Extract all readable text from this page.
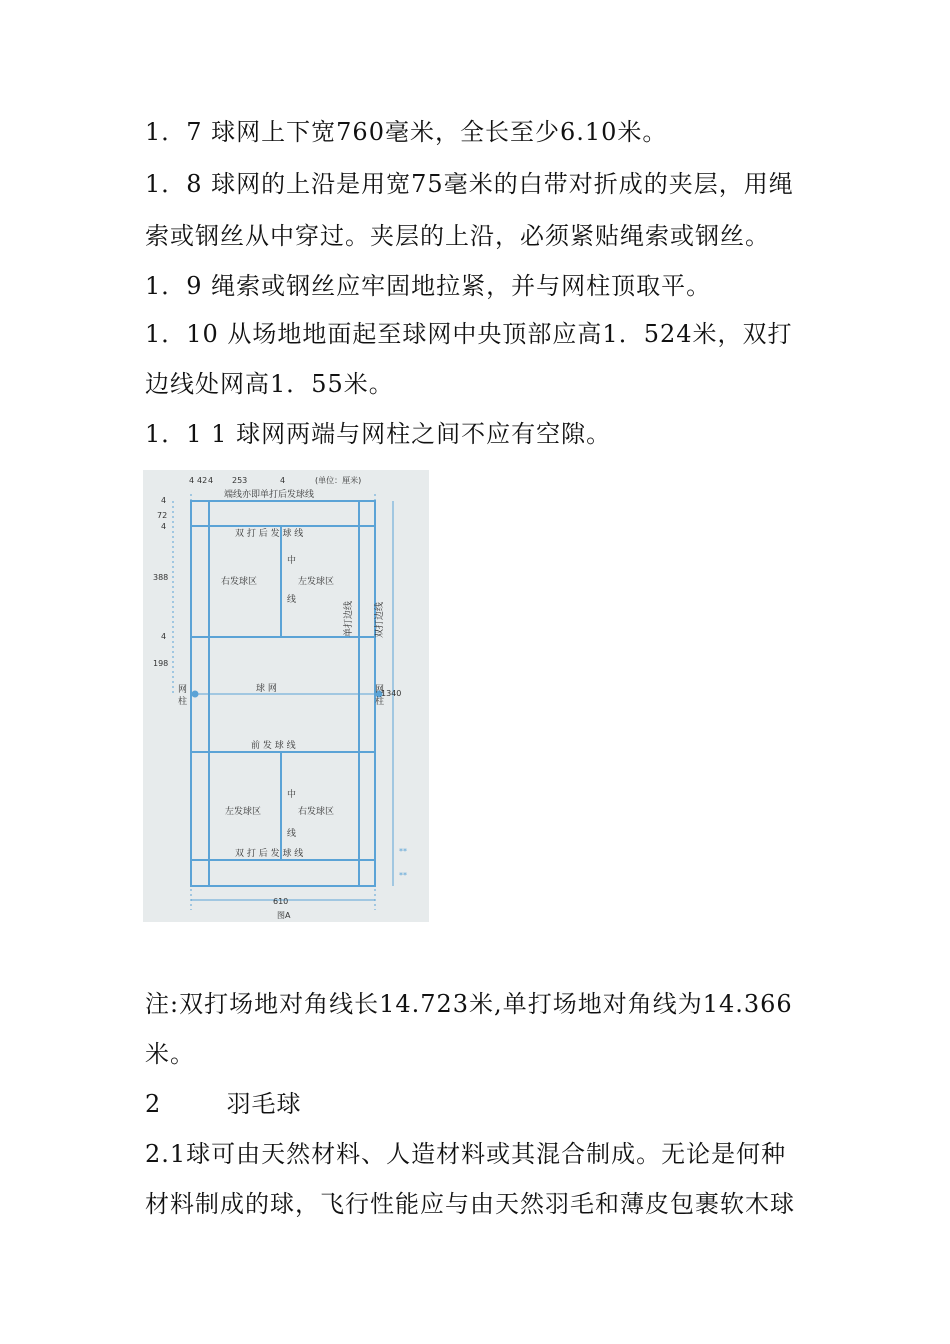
1．7 球网上下宽760毫米，全长至少6.10米。
1．8 球网的上沿是用宽75毫米的白带对折成的夹层，用绳
索或钢丝从中穿过。夹层的上沿，必须紧贴绳索或钢丝。
1．9 绳索或钢丝应牢固地拉紧，并与网柱顶取平。
1．10 从场地地面起至球网中央顶部应高1．524米，双打
边线处网高1．55米。
1．1 1 球网两端与网柱之间不应有空隙。
4 42 4 253	4	(单位：厘米)
4
72
4
388
4
198
端线亦即单打后发球线
双 打 后 发 球 线
右发球区	左发球区
中
线
球 网
网
柱
网
柱
前 发 球 线
中
线
左发球区	右发球区
双 打 后 发 球 线
1340
610
图A
**
**
单打边线 双打边线
注:双打场地对角线长14.723米,单打场地对角线为14.366
米。
2	羽毛球
2.1球可由天然材料、人造材料或其混合制成。无论是何种
材料制成的球，飞行性能应与由天然羽毛和薄皮包裹软木球
